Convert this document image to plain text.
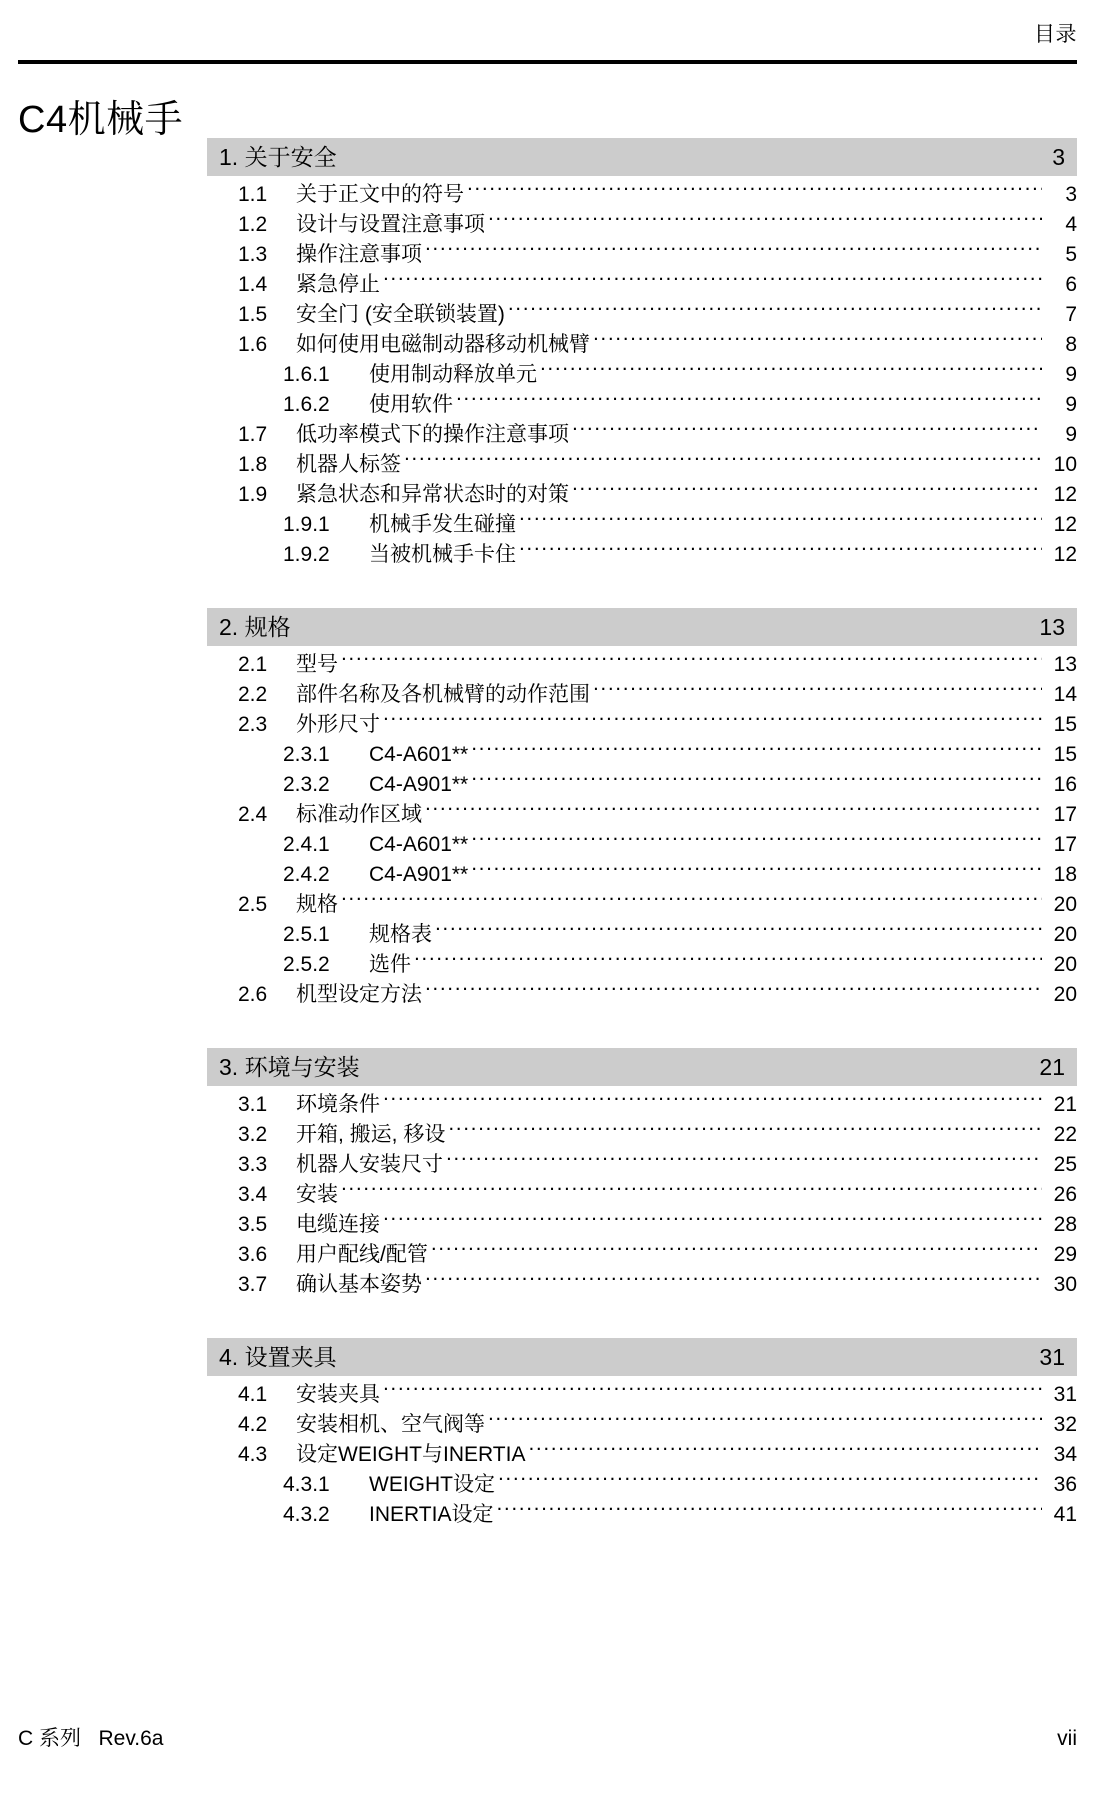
目录
C4机械手
1. 关于安全	3
1.1	关于正文中的符号 .....	3
1.2	设计与设置注意事项 .....	4
1.3	操作注意事项 .....	5
1.4	紧急停止 .....	6
1.5	安全门 (安全联锁装置) .....	7
1.6	如何使用电磁制动器移动机械臂 .....	8
1.6.1	使用制动释放单元 .....	9
1.6.2	使用软件 .....	9
1.7	低功率模式下的操作注意事项 .....	9
1.8	机器人标签 .....	10
1.9	紧急状态和异常状态时的对策 .....	12
1.9.1	机械手发生碰撞 .....	12
1.9.2	当被机械手卡住 .....	12
2. 规格	13
2.1	型号 .....	13
2.2	部件名称及各机械臂的动作范围 .....	14
2.3	外形尺寸 .....	15
2.3.1	C4-A601** .....	15
2.3.2	C4-A901** .....	16
2.4	标准动作区域 .....	17
2.4.1	C4-A601** .....	17
2.4.2	C4-A901** .....	18
2.5	规格 .....	20
2.5.1	规格表 .....	20
2.5.2	选件 .....	20
2.6	机型设定方法 .....	20
3. 环境与安装	21
3.1	环境条件 .....	21
3.2	开箱, 搬运, 移设 .....	22
3.3	机器人安装尺寸 .....	25
3.4	安装 .....	26
3.5	电缆连接 .....	28
3.6	用户配线/配管 .....	29
3.7	确认基本姿势 .....	30
4. 设置夹具	31
4.1	安装夹具 .....	31
4.2	安装相机、空气阀等 .....	32
4.3	设定WEIGHT与INERTIA .....	34
4.3.1	WEIGHT设定 .....	36
4.3.2	INERTIA设定 .....	41
C 系列   Rev.6a	vii
